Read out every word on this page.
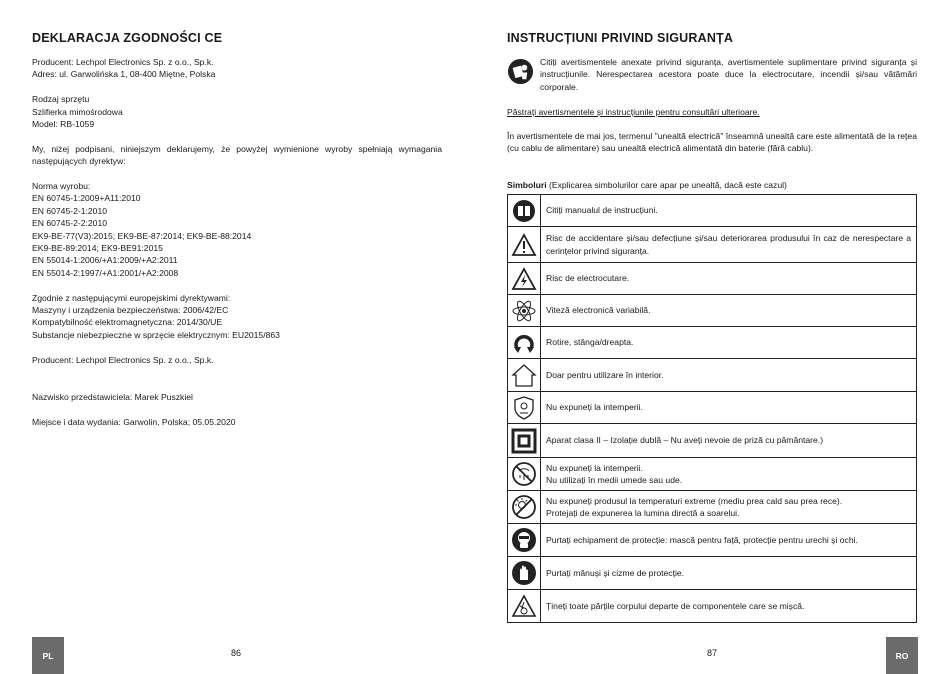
DEKLARACJA ZGODNOŚCI CE

Producent: Lechpol Electronics Sp. z o.o., Sp.k.
Adres: ul. Garwolińska 1, 08-400 Miętne, Polska

Rodzaj sprzętu
Szlifierka mimośrodowa
Model: RB-1059

My, niżej podpisani, niniejszym deklarujemy, że powyżej wymienione wyroby spełniają wymagania następujących dyrektyw:

Norma wyrobu:
EN 60745-1:2009+A11:2010
EN 60745-2-1:2010
EN 60745-2-2:2010
EK9-BE-77(V3):2015; EK9-BE-87:2014; EK9-BE-88:2014
EK9-BE-89:2014; EK9-BE91:2015
EN 55014-1:2006/+A1:2009/+A2:2011
EN 55014-2:1997/+A1:2001/+A2:2008

Zgodnie z następującymi europejskimi dyrektywami:
Maszyny i urządzenia bezpieczeństwa: 2006/42/EC
Kompatybilność elektromagnetyczna: 2014/30/UE
Substancje niebezpieczne w sprzęcie elektrycznym: EU2015/863

Producent: Lechpol Electronics Sp. z o.o., Sp.k.

Nazwisko przedstawiciela: Marek Puszkiel

Miejsce i data wydania: Garwolin, Polska; 05.05.2020

PL	86
INSTRUCȚIUNI PRIVIND SIGURANȚA
Citiți avertismentele anexate privind siguranța, avertismentele suplimentare privind siguranța și instrucțiunile. Nerespectarea acestora poate duce la electrocutare, incendii și/sau vătămări corporale.
Păstrați avertismentele și instrucțiunile pentru consultări ulterioare.
În avertismentele de mai jos, termenul "unealtă electrică" înseamnă unealtă care este alimentată de la rețea (cu cablu de alimentare) sau unealtă electrică alimentată din baterie (fără cablu).
Simboluri (Explicarea simbolurilor care apar pe unealtă, dacă este cazul)
	Citiți manualul de instrucțiuni.

	Risc de accidentare și/sau defecțiune și/sau deteriorarea produsului în caz de nerespectare a cerințelor privind siguranța.

	Risc de electrocutare.

	Viteză electronică variabilă.

	Rotire, stânga/dreapta.

	Doar pentru utilizare în interior.

	Nu expuneți la intemperii.

	Aparat clasa II – Izolație dublă – Nu aveți nevoie de priză cu pământare.)

	Nu expuneți la intemperii.
Nu utilizați în medii umede sau ude.

	Nu expuneți produsul la temperaturi extreme (mediu prea cald sau prea rece).
Protejați de expunerea la lumina directă a soarelui.

	Purtați echipament de protecție: mască pentru față, protecție pentru urechi și ochi.

	Purtați mănuși și cizme de protecție.

	Țineți toate părțile corpului departe de componentele care se mișcă.
87	RO
